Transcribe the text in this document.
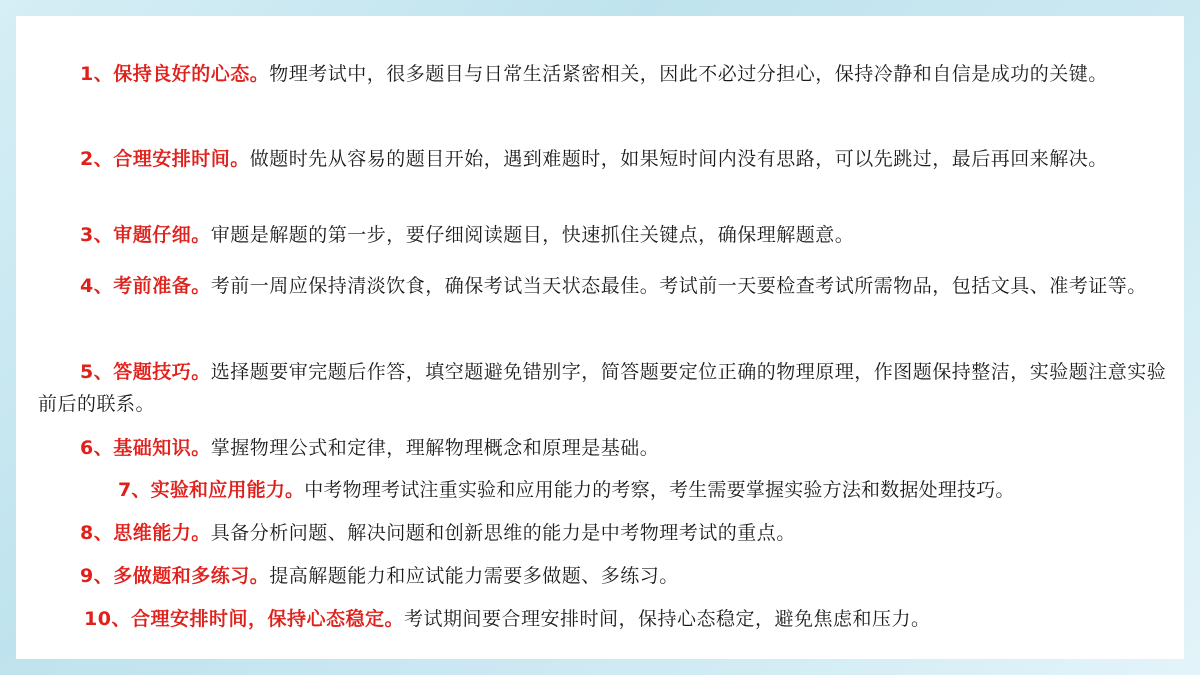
1、保持良好的心态。物理考试中，很多题目与日常生活紧密相关，因此不必过分担心，保持冷静和自信是成功的关键。
2、合理安排时间。做题时先从容易的题目开始，遇到难题时，如果短时间内没有思路，可以先跳过，最后再回来解决。
3、审题仔细。审题是解题的第一步，要仔细阅读题目，快速抓住关键点，确保理解题意。
4、考前准备。考前一周应保持清淡饮食，确保考试当天状态最佳。考试前一天要检查考试所需物品，包括文具、准考证等。
5、答题技巧。选择题要审完题后作答，填空题避免错别字，简答题要定位正确的物理原理，作图题保持整洁，实验题注意实验前后的联系。
6、基础知识。掌握物理公式和定律，理解物理概念和原理是基础。
7、实验和应用能力。中考物理考试注重实验和应用能力的考察，考生需要掌握实验方法和数据处理技巧。
8、思维能力。具备分析问题、解决问题和创新思维的能力是中考物理考试的重点。
9、多做题和多练习。提高解题能力和应试能力需要多做题、多练习。
10、合理安排时间，保持心态稳定。考试期间要合理安排时间，保持心态稳定，避免焦虑和压力。
